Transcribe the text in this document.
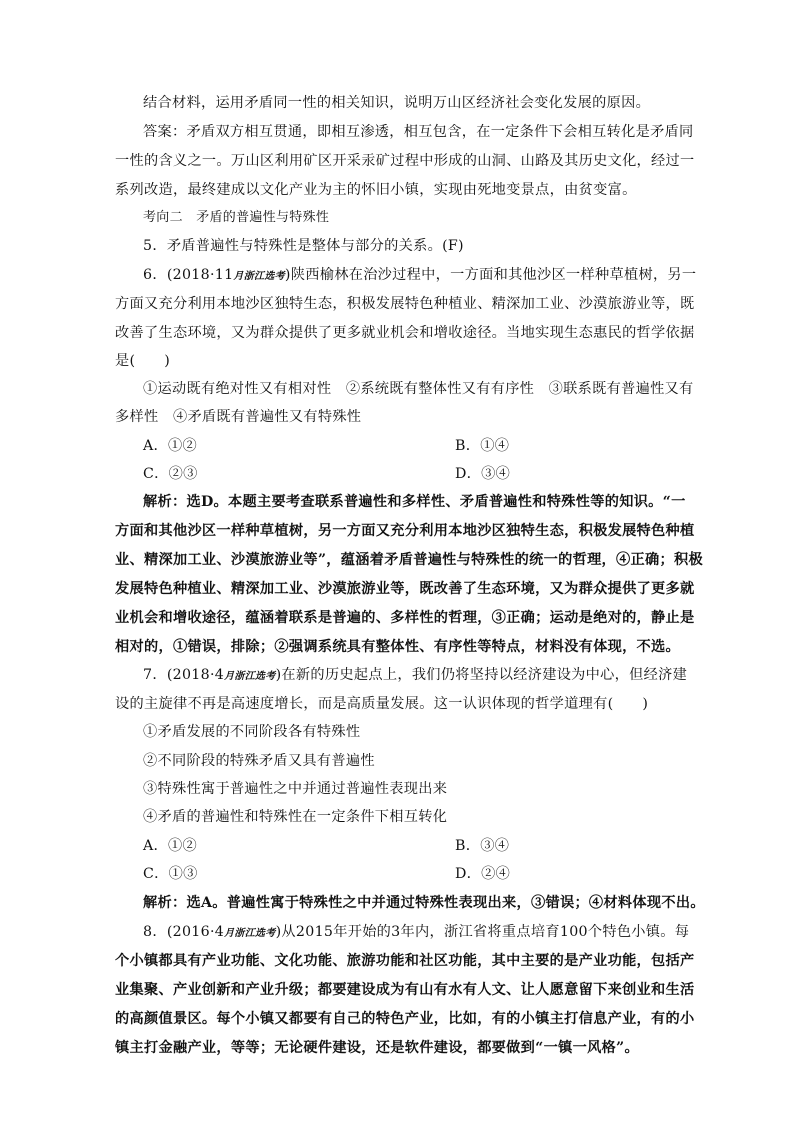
结合材料，运用矛盾同一性的相关知识，说明万山区经济社会变化发展的原因。
答案：矛盾双方相互贯通，即相互渗透，相互包含，在一定条件下会相互转化是矛盾同
一性的含义之一。万山区利用矿区开采汞矿过程中形成的山洞、山路及其历史文化，经过一
系列改造，最终建成以文化产业为主的怀旧小镇，实现由死地变景点，由贫变富。
考向二　矛盾的普遍性与特殊性
5．矛盾普遍性与特殊性是整体与部分的关系。(F)
6．(2018·11月浙江选考)陕西榆林在治沙过程中，一方面和其他沙区一样种草植树，另一
方面又充分利用本地沙区独特生态，积极发展特色种植业、精深加工业、沙漠旅游业等，既
改善了生态环境，又为群众提供了更多就业机会和增收途径。当地实现生态惠民的哲学依据
是(　　)
①运动既有绝对性又有相对性　②系统既有整体性又有有序性　③联系既有普遍性又有
多样性　④矛盾既有普遍性又有特殊性
A．①②	B．①④
C．②③	D．③④
解析：选D。本题主要考查联系普遍性和多样性、矛盾普遍性和特殊性等的知识。“一
方面和其他沙区一样种草植树，另一方面又充分利用本地沙区独特生态，积极发展特色种植
业、精深加工业、沙漠旅游业等”，蕴涵着矛盾普遍性与特殊性的统一的哲理，④正确；积极
发展特色种植业、精深加工业、沙漠旅游业等，既改善了生态环境，又为群众提供了更多就
业机会和增收途径，蕴涵着联系是普遍的、多样性的哲理，③正确；运动是绝对的，静止是
相对的，①错误，排除；②强调系统具有整体性、有序性等特点，材料没有体现，不选。
7．(2018·4月浙江选考)在新的历史起点上，我们仍将坚持以经济建设为中心，但经济建
设的主旋律不再是高速度增长，而是高质量发展。这一认识体现的哲学道理有(　　)
①矛盾发展的不同阶段各有特殊性
②不同阶段的特殊矛盾又具有普遍性
③特殊性寓于普遍性之中并通过普遍性表现出来
④矛盾的普遍性和特殊性在一定条件下相互转化
A．①②	B．③④
C．①③	D．②④
解析：选A。普遍性寓于特殊性之中并通过特殊性表现出来，③错误；④材料体现不出。
8．(2016·4月浙江选考)从2015年开始的3年内，浙江省将重点培育100个特色小镇。每
个小镇都具有产业功能、文化功能、旅游功能和社区功能，其中主要的是产业功能，包括产
业集聚、产业创新和产业升级；都要建设成为有山有水有人文、让人愿意留下来创业和生活
的高颜值景区。每个小镇又都要有自己的特色产业，比如，有的小镇主打信息产业，有的小
镇主打金融产业，等等；无论硬件建设，还是软件建设，都要做到“一镇一风格”。
